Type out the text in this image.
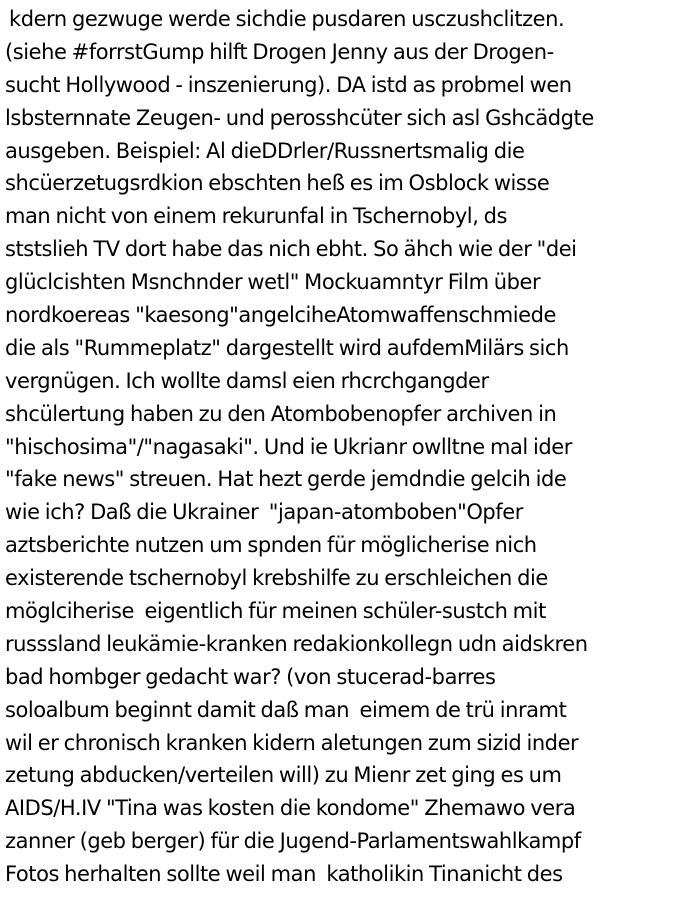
kdern gezwuge werde sichdie pusdaren usczushclitzen.
(siehe #forrstGump hilft Drogen Jenny aus der Drogen-
sucht Hollywood - inszenierung). DA istd as probmel wen
lsbsternnate Zeugen- und perosshcüter sich asl Gshcädgte
ausgeben. Beispiel: Al dieDDrler/Russnertsmalig die
shcüerzetugsrdkion ebschten heß es im Osblock wisse
man nicht von einem rekurunfal in Tschernobyl, ds
ststslieh TV dort habe das nich ebht. So ähch wie der "dei
glüclcishten Msnchnder wetl" Mockuamntyr Film über
nordkoereas "kaesong"angelciheAtomwaffenschmiede
die als "Rummeplatz" dargestellt wird aufdemMilärs sich
vergnügen. Ich wollte damsl eien rhcrchgangder
shcülertung haben zu den Atombobenopfer archiven in
"hischosima"/"nagasaki". Und ie Ukrianr owlltne mal ider
"fake news" streuen. Hat hezt gerde jemdndie gelcih ide
wie ich? Daß die Ukrainer  "japan-atomboben"Opfer
aztsberichte nutzen um spnden für möglicherise nich
existerende tschernobyl krebshilfe zu erschleichen die
möglciherise  eigentlich für meinen schüler-sustch mit
russsland leukämie-kranken redakionkollegn udn aidskren
bad hombger gedacht war? (von stucerad-barres
soloalbum beginnt damit daß man  eimem de trü inramt
wil er chronisch kranken kidern aletungen zum sizid inder
zetung abducken/verteilen will) zu Mienr zet ging es um
AIDS/H.IV "Tina was kosten die kondome" Zhemawo vera
zanner (geb berger) für die Jugend-Parlamentswahlkampf
Fotos herhalten sollte weil man  katholikin Tinanicht des
